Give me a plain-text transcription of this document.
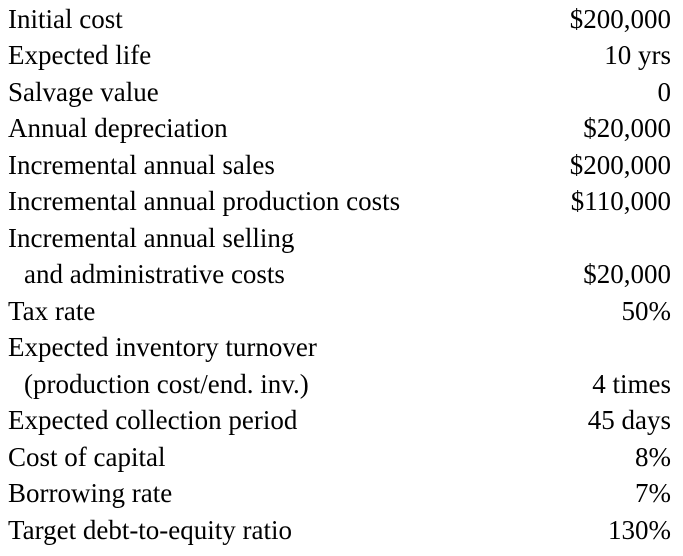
Initial cost	$200,000
Expected life	10 yrs
Salvage value	0
Annual depreciation	$20,000
Incremental annual sales	$200,000
Incremental annual production costs	$110,000
Incremental annual selling
and administrative costs	$20,000
Tax rate	50%
Expected inventory turnover
(production cost/end. inv.)	4 times
Expected collection period	45 days
Cost of capital	8%
Borrowing rate	7%
Target debt-to-equity ratio	130%
